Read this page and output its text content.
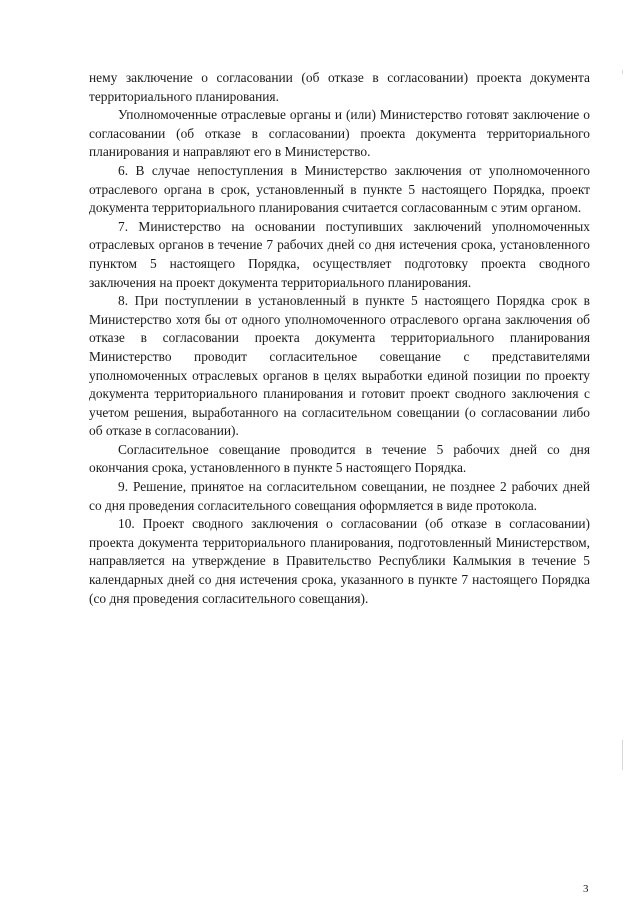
нему заключение о согласовании (об отказе в согласовании) проекта документа территориального планирования.

Уполномоченные отраслевые органы и (или) Министерство готовят заключение о согласовании (об отказе в согласовании) проекта документа территориального планирования и направляют его в Министерство.

6. В случае непоступления в Министерство заключения от уполномоченного отраслевого органа в срок, установленный в пункте 5 настоящего Порядка, проект документа территориального планирования считается согласованным с этим органом.

7. Министерство на основании поступивших заключений уполномоченных отраслевых органов в течение 7 рабочих дней со дня истечения срока, установленного пунктом 5 настоящего Порядка, осуществляет подготовку проекта сводного заключения на проект документа территориального планирования.

8. При поступлении в установленный в пункте 5 настоящего Порядка срок в Министерство хотя бы от одного уполномоченного отраслевого органа заключения об отказе в согласовании проекта документа территориального планирования Министерство проводит согласительное совещание с представителями уполномоченных отраслевых органов в целях выработки единой позиции по проекту документа территориального планирования и готовит проект сводного заключения с учетом решения, выработанного на согласительном совещании (о согласовании либо об отказе в согласовании).

Согласительное совещание проводится в течение 5 рабочих дней со дня окончания срока, установленного в пункте 5 настоящего Порядка.

9. Решение, принятое на согласительном совещании, не позднее 2 рабочих дней со дня проведения согласительного совещания оформляется в виде протокола.

10. Проект сводного заключения о согласовании (об отказе в согласовании) проекта документа территориального планирования, подготовленный Министерством, направляется на утверждение в Правительство Республики Калмыкия в течение 5 календарных дней со дня истечения срока, указанного в пункте 7 настоящего Порядка (со дня проведения согласительного совещания).

3
